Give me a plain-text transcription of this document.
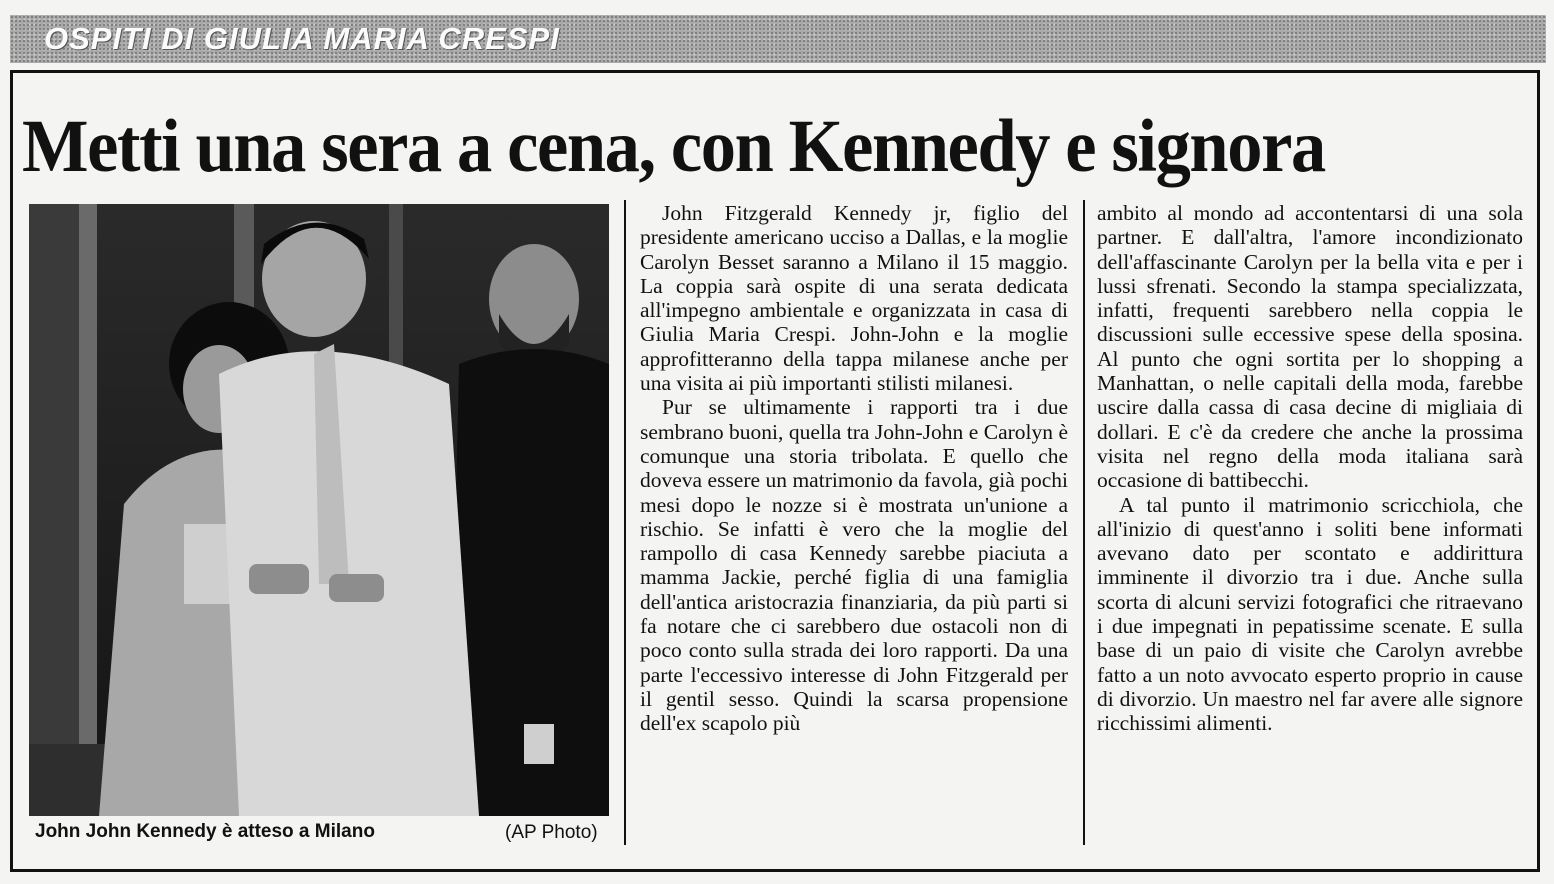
OSPITI DI GIULIA MARIA CRESPI
Metti una sera a cena, con Kennedy e signora
John John Kennedy è atteso a Milano	(AP Photo)

John Fitzgerald Kennedy jr, figlio del presidente americano ucciso a Dallas, e la moglie Carolyn Besset saranno a Milano il 15 maggio. La coppia sarà ospite di una serata dedicata all'impegno ambientale e organizzata in casa di Giulia Maria Crespi. John-John e la moglie approfitteranno della tappa milanese anche per una visita ai più importanti stilisti milanesi.

Pur se ultimamente i rapporti tra i due sembrano buoni, quella tra John-John e Carolyn è comunque una storia tribolata. E quello che doveva essere un matrimonio da favola, già pochi mesi dopo le nozze si è mostrata un'unione a rischio. Se infatti è vero che la moglie del rampollo di casa Kennedy sarebbe piaciuta a mamma Jackie, perché figlia di una famiglia dell'antica aristocrazia finanziaria, da più parti si fa notare che ci sarebbero due ostacoli non di poco conto sulla strada dei loro rapporti. Da una parte l'eccessivo interesse di John Fitzgerald per il gentil sesso. Quindi la scarsa propensione dell'ex scapolo più

ambito al mondo ad accontentarsi di una sola partner. E dall'altra, l'amore incondizionato dell'affascinante Carolyn per la bella vita e per i lussi sfrenati. Secondo la stampa specializzata, infatti, frequenti sarebbero nella coppia le discussioni sulle eccessive spese della sposina. Al punto che ogni sortita per lo shopping a Manhattan, o nelle capitali della moda, farebbe uscire dalla cassa di casa decine di migliaia di dollari. E c'è da credere che anche la prossima visita nel regno della moda italiana sarà occasione di battibecchi.

A tal punto il matrimonio scricchiola, che all'inizio di quest'anno i soliti bene informati avevano dato per scontato e addirittura imminente il divorzio tra i due. Anche sulla scorta di alcuni servizi fotografici che ritraevano i due impegnati in pepatissime scenate. E sulla base di un paio di visite che Carolyn avrebbe fatto a un noto avvocato esperto proprio in cause di divorzio. Un maestro nel far avere alle signore ricchissimi alimenti.
